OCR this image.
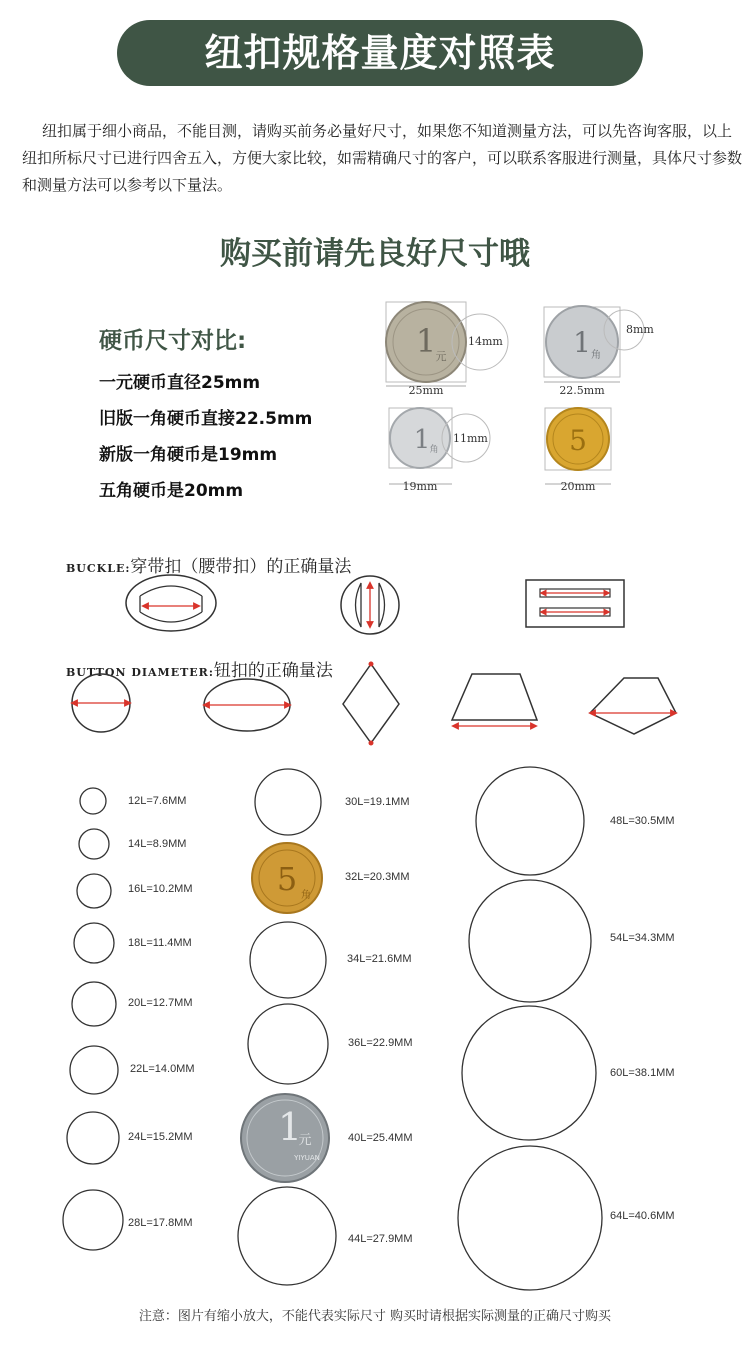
纽扣规格量度对照表
纽扣属于细小商品，不能目测，请购买前务必量好尺寸，如果您不知道测量方法，可以先咨询客服，以上纽扣所标尺寸已进行四舍五入，方便大家比较，如需精确尺寸的客户，可以联系客服进行测量，具体尺寸参数和测量方法可以参考以下量法。
购买前请先良好尺寸哦
硬币尺寸对比:
一元硬币直径25mm
旧版一角硬币直接22.5mm
新版一角硬币是19mm
五角硬币是20mm
BUCKLE:穿带扣（腰带扣）的正确量法
BUTTON DIAMETER:钮扣的正确量法
1 元
14mm
25mm
1 角
8mm
22.5mm
1 角
11mm
19mm
5
20mm
5 角
1
元
YIYUAN
12L=7.6MM
14L=8.9MM
16L=10.2MM
18L=11.4MM
20L=12.7MM
22L=14.0MM
24L=15.2MM
28L=17.8MM
30L=19.1MM
32L=20.3MM
34L=21.6MM
36L=22.9MM
40L=25.4MM
44L=27.9MM
48L=30.5MM
54L=34.3MM
60L=38.1MM
64L=40.6MM
注意：图片有缩小放大，不能代表实际尺寸 购买时请根据实际测量的正确尺寸购买
